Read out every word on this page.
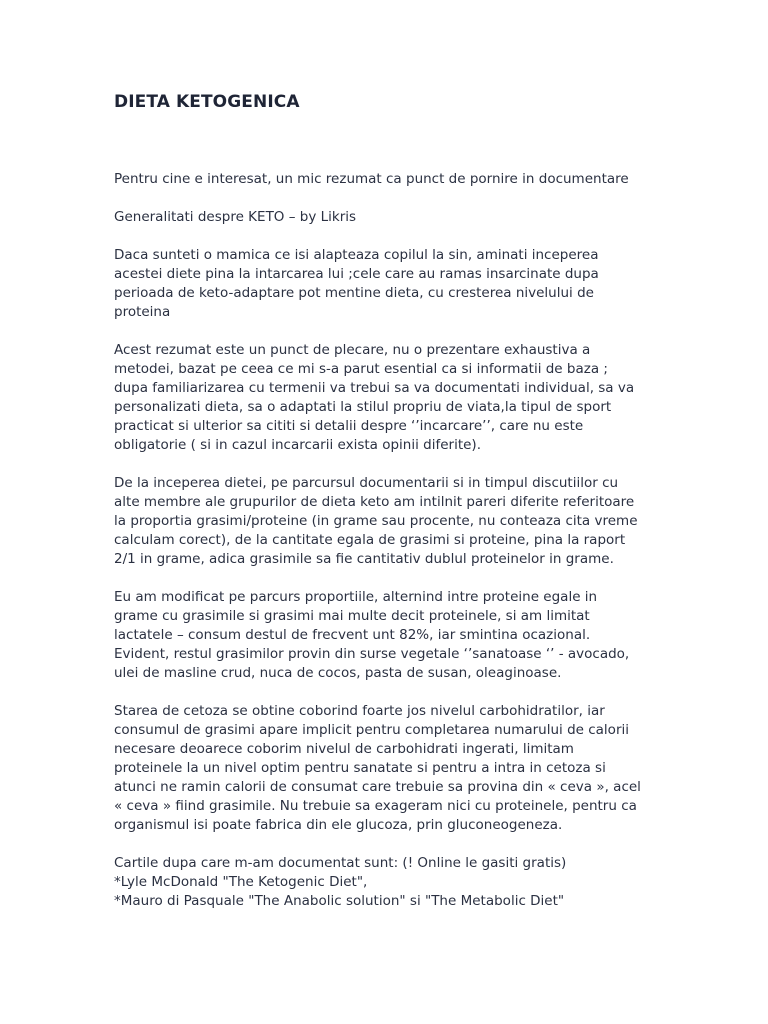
DIETA KETOGENICA

Pentru cine e interesat, un mic rezumat ca punct de pornire in documentare

Generalitati despre KETO – by Likris

Daca sunteti o mamica ce isi alapteaza copilul la sin, aminati inceperea
acestei diete pina la intarcarea lui ;cele care au ramas insarcinate dupa
perioada de keto-adaptare pot mentine dieta, cu cresterea nivelului de
proteina

Acest rezumat este un punct de plecare, nu o prezentare exhaustiva a
metodei, bazat pe ceea ce mi s-a parut esential ca si informatii de baza ;
dupa familiarizarea cu termenii va trebui sa va documentati individual, sa va
personalizati dieta, sa o adaptati la stilul propriu de viata,la tipul de sport
practicat si ulterior sa cititi si detalii despre ‘’incarcare’’, care nu este
obligatorie ( si in cazul incarcarii exista opinii diferite).

De la inceperea dietei, pe parcursul documentarii si in timpul discutiilor cu
alte membre ale grupurilor de dieta keto am intilnit pareri diferite referitoare
la proportia grasimi/proteine (in grame sau procente, nu conteaza cita vreme
calculam corect), de la cantitate egala de grasimi si proteine, pina la raport
2/1 in grame, adica grasimile sa fie cantitativ dublul proteinelor in grame.

Eu am modificat pe parcurs proportiile, alternind intre proteine egale in
grame cu grasimile si grasimi mai multe decit proteinele, si am limitat
lactatele – consum destul de frecvent unt 82%, iar smintina ocazional.
Evident, restul grasimilor provin din surse vegetale ‘’sanatoase ‘’ - avocado,
ulei de masline crud, nuca de cocos, pasta de susan, oleaginoase.

Starea de cetoza se obtine coborind foarte jos nivelul carbohidratilor, iar
consumul de grasimi apare implicit pentru completarea numarului de calorii
necesare deoarece coborim nivelul de carbohidrati ingerati, limitam
proteinele la un nivel optim pentru sanatate si pentru a intra in cetoza si
atunci ne ramin calorii de consumat care trebuie sa provina din « ceva », acel
« ceva » fiind grasimile. Nu trebuie sa exageram nici cu proteinele, pentru ca
organismul isi poate fabrica din ele glucoza, prin gluconeogeneza.

Cartile dupa care m-am documentat sunt: (! Online le gasiti gratis)
*Lyle McDonald "The Ketogenic Diet",
*Mauro di Pasquale "The Anabolic solution" si "The Metabolic Diet"
